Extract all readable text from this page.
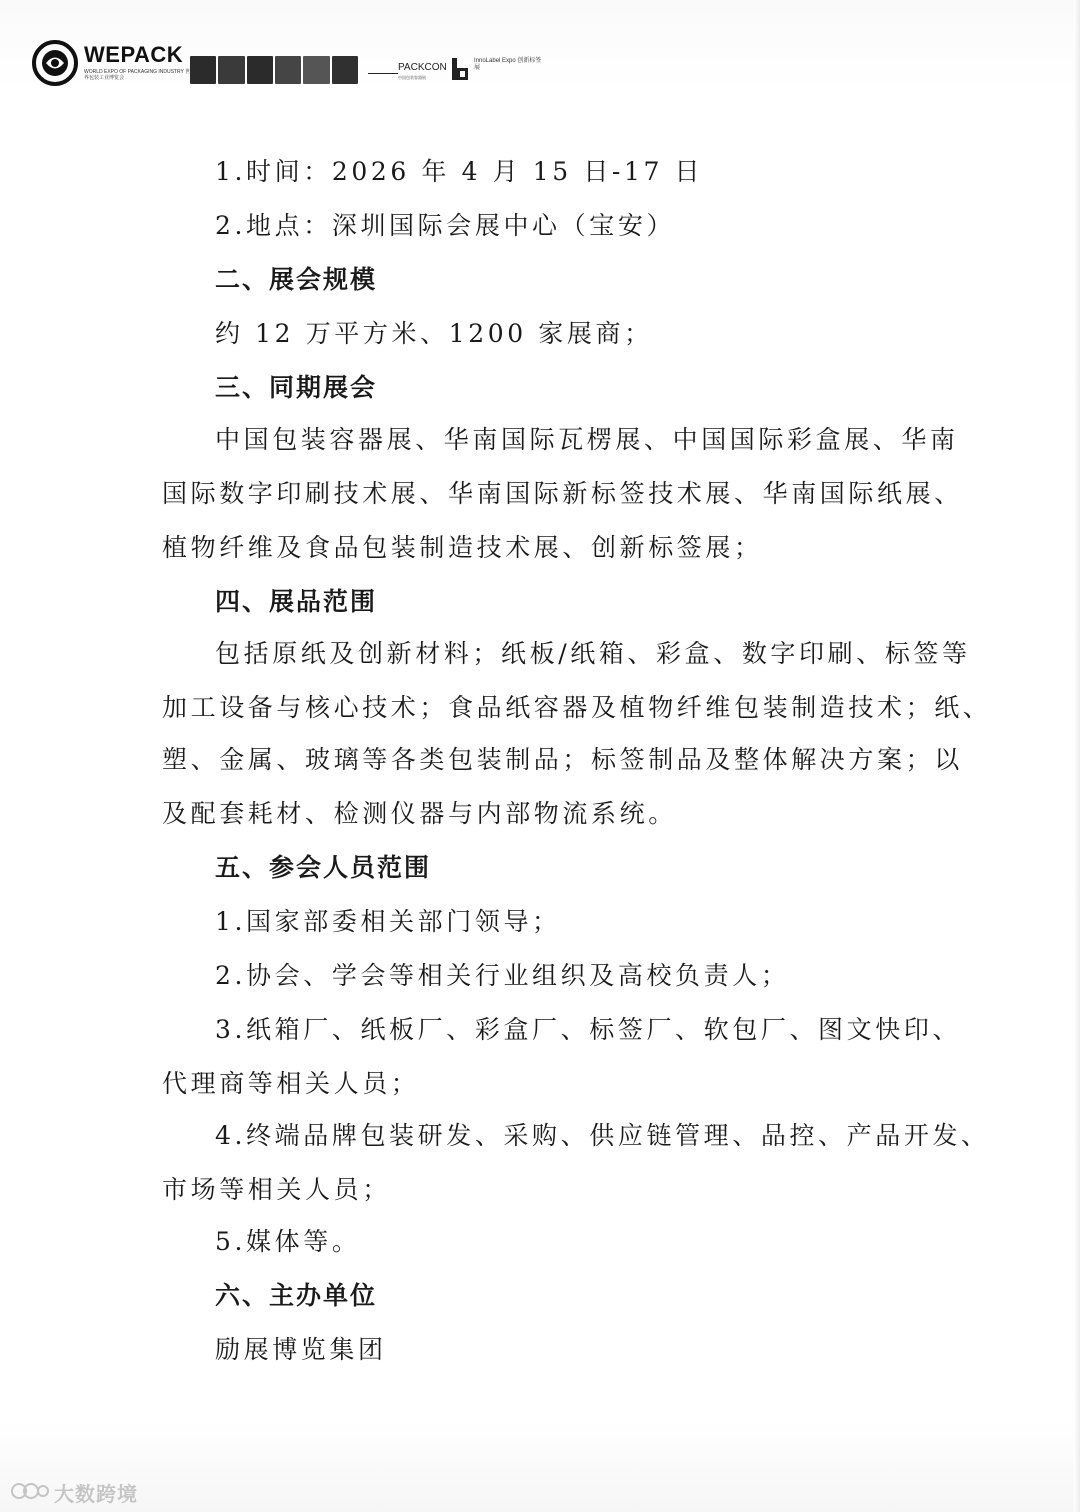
WEPACK
WORLD EXPO OF PACKAGING INDUSTRY 世界包装工业博览会
PACKCON
中国包装容器展
InnoLabel Expo 创新标签展
1.时间：2026 年 4 月 15 日-17 日
2.地点：深圳国际会展中心（宝安）
二、展会规模
约 12 万平方米、1200 家展商；
三、同期展会
中国包装容器展、华南国际瓦楞展、中国国际彩盒展、华南
国际数字印刷技术展、华南国际新标签技术展、华南国际纸展、
植物纤维及食品包装制造技术展、创新标签展；
四、展品范围
包括原纸及创新材料；纸板/纸箱、彩盒、数字印刷、标签等
加工设备与核心技术；食品纸容器及植物纤维包装制造技术；纸、
塑、金属、玻璃等各类包装制品；标签制品及整体解决方案；以
及配套耗材、检测仪器与内部物流系统。
五、参会人员范围
1.国家部委相关部门领导；
2.协会、学会等相关行业组织及高校负责人；
3.纸箱厂、纸板厂、彩盒厂、标签厂、软包厂、图文快印、
代理商等相关人员；
4.终端品牌包装研发、采购、供应链管理、品控、产品开发、
市场等相关人员；
5.媒体等。
六、主办单位
励展博览集团
大数跨境
